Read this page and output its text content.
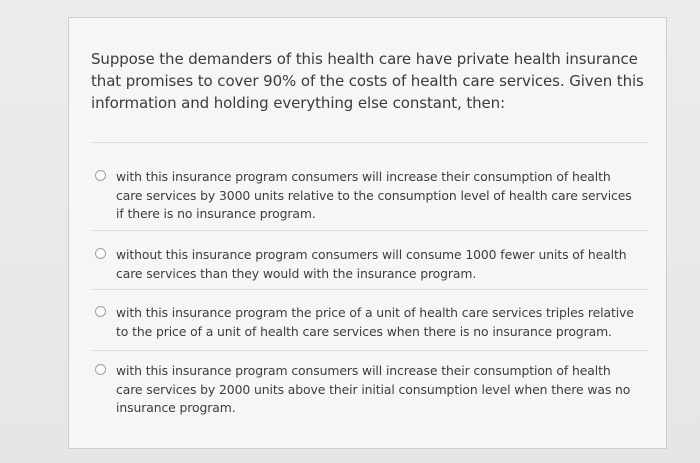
Suppose the demanders of this health care have private health insurance that promises to cover 90% of the costs of health care services. Given this information and holding everything else constant, then:
with this insurance program consumers will increase their consumption of health care services by 3000 units relative to the consumption level of health care services if there is no insurance program.
without this insurance program consumers will consume 1000 fewer units of health care services than they would with the insurance program.
with this insurance program the price of a unit of health care services triples relative to the price of a unit of health care services when there is no insurance program.
with this insurance program consumers will increase their consumption of health care services by 2000 units above their initial consumption level when there was no insurance program.
